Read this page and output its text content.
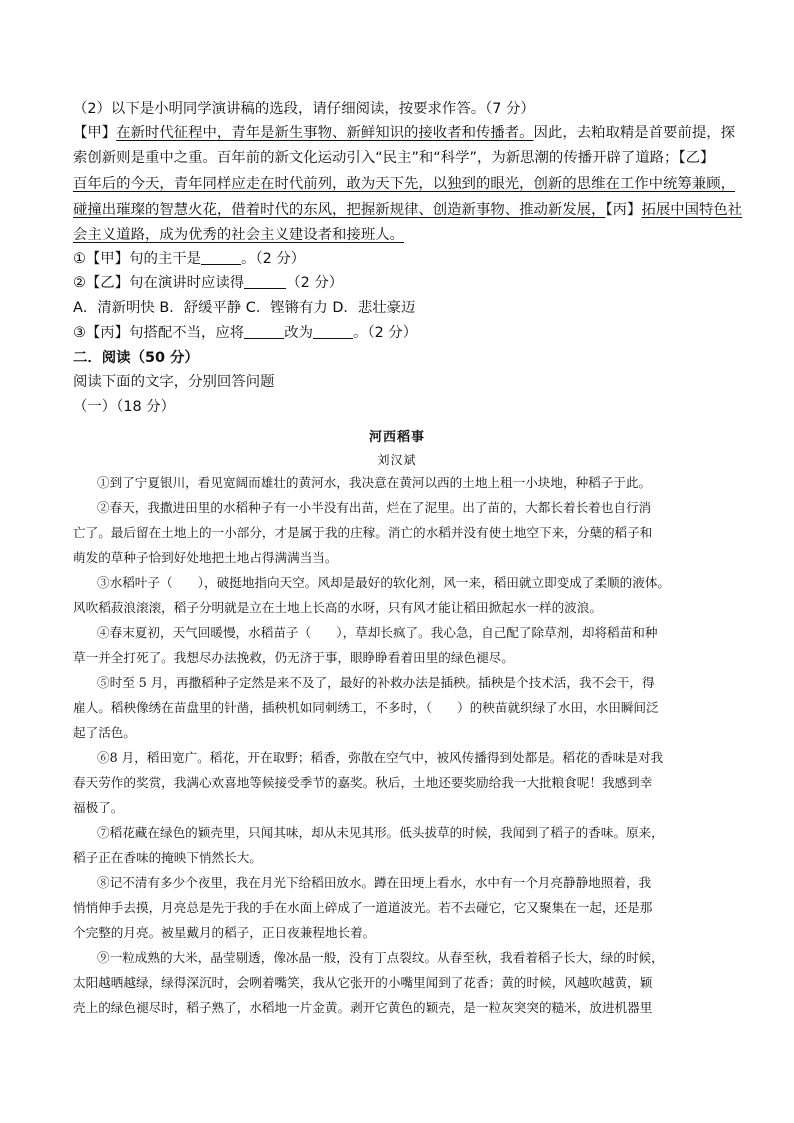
（2）以下是小明同学演讲稿的选段，请仔细阅读，按要求作答。（7 分）
【甲】在新时代征程中，青年是新生事物、新鲜知识的接收者和传播者。因此，去粕取精是首要前提，探
索创新则是重中之重。百年前的新文化运动引入“民主”和“科学”，为新思潮的传播开辟了道路；【乙】
百年后的今天，青年同样应走在时代前列，敢为天下先，以独到的眼光，创新的思维在工作中统筹兼顾，
碰撞出璀璨的智慧火花，借着时代的东风，把握新规律、创造新事物、推动新发展，【丙】拓展中国特色社
会主义道路，成为优秀的社会主义建设者和接班人。
①【甲】句的主干是	。（2 分）
②【乙】句在演讲时应读得	（2 分）
A．清新明快 B．舒缓平静 C．铿锵有力 D．悲壮豪迈
③【丙】句搭配不当，应将	改为	。（2 分）
二．阅读（50 分）
阅读下面的文字，分别回答问题
（一）（18 分）
河西稻事
刘汉斌
①到了宁夏银川，看见宽阔而雄壮的黄河水，我决意在黄河以西的土地上租一小块地，种稻子于此。
②春天，我撒进田里的水稻种子有一小半没有出苗，烂在了泥里。出了苗的，大都长着长着也自行消
亡了。最后留在土地上的一小部分，才是属于我的庄稼。消亡的水稻并没有使土地空下来，分蘖的稻子和
萌发的草种子恰到好处地把土地占得满满当当。
③水稻叶子（　　），破挺地指向天空。风却是最好的软化剂，风一来，稻田就立即变成了柔顺的液体。
风吹稻菽浪滚滚，稻子分明就是立在土地上长高的水呀，只有风才能让稻田掀起水一样的波浪。
④春末夏初，天气回暖慢，水稻苗子（　　），草却长疯了。我心急，自己配了除草剂，却将稻苗和种
草一并全打死了。我想尽办法挽救，仍无济于事，眼睁睁看着田里的绿色褪尽。
⑤时至 5 月，再撒稻种子定然是来不及了，最好的补救办法是插秧。插秧是个技术活，我不会干，得
雇人。稻秧像绣在苗盘里的针凿，插秧机如同刺绣工，不多时，（　　）的秧苗就织绿了水田，水田瞬间泛
起了活色。
⑥8 月，稻田宽广。稻花，开在取野；稻香，弥散在空气中，被风传播得到处都是。稻花的香味是对我
春天劳作的奖赏，我满心欢喜地等候接受季节的嘉奖。秋后，土地还要奖励给我一大批粮食呢！我感到幸
福极了。
⑦稻花藏在绿色的颖壳里，只闻其味，却从未见其形。低头拔草的时候，我闻到了稻子的香味。原来，
稻子正在香味的掩映下悄然长大。
⑧记不清有多少个夜里，我在月光下给稻田放水。蹲在田埂上看水，水中有一个月亮静静地照着，我
悄悄伸手去摸，月亮总是先于我的手在水面上碎成了一道道波光。若不去碰它，它又聚集在一起，还是那
个完整的月亮。被星戴月的稻子，正日夜兼程地长着。
⑨一粒成熟的大米，晶莹剔透，像冰晶一般，没有丁点裂纹。从春至秋，我看着稻子长大，绿的时候，
太阳越晒越绿，绿得深沉时，会咧着嘴笑，我从它张开的小嘴里闻到了花香；黄的时候，风越吹越黄，颖
壳上的绿色褪尽时，稻子熟了，水稻地一片金黄。剥开它黄色的颖壳，是一粒灰突突的糙米，放进机器里
